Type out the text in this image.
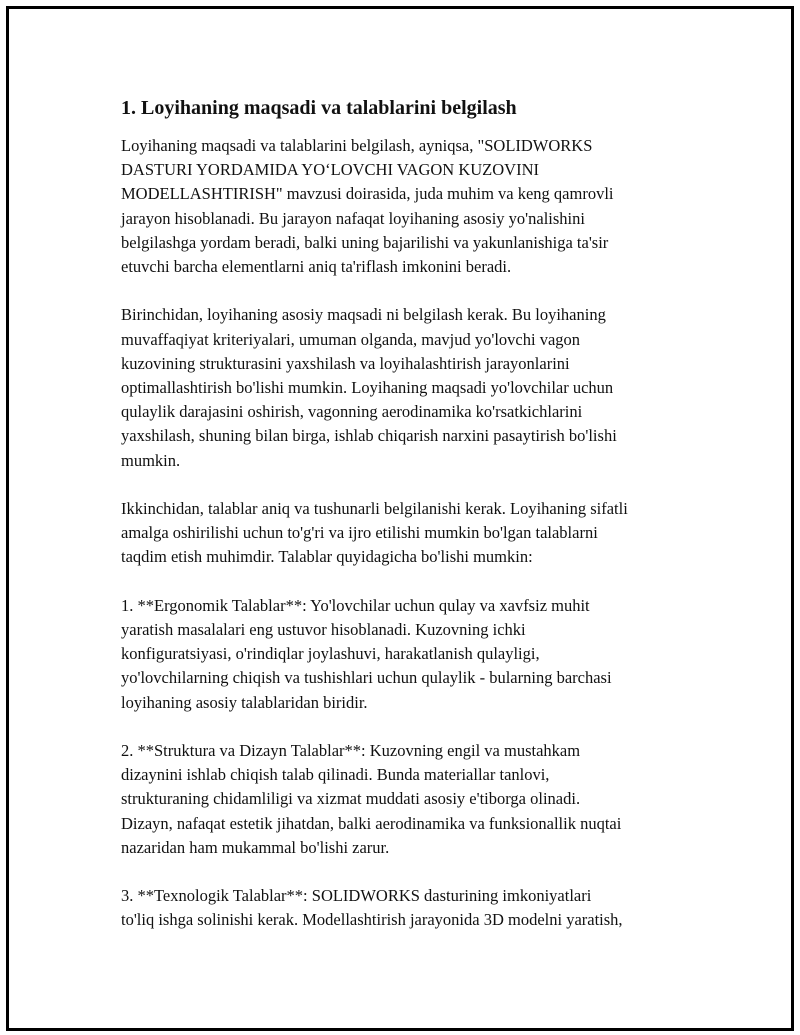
1. Loyihaning maqsadi va talablarini belgilash

Loyihaning maqsadi va talablarini belgilash, ayniqsa, "SOLIDWORKS
DASTURI YORDAMIDA YO‘LOVCHI VAGON KUZOVINI
MODELLASHTIRISH" mavzusi doirasida, juda muhim va keng qamrovli
jarayon hisoblanadi. Bu jarayon nafaqat loyihaning asosiy yo'nalishini
belgilashga yordam beradi, balki uning bajarilishi va yakunlanishiga ta'sir
etuvchi barcha elementlarni aniq ta'riflash imkonini beradi.

Birinchidan, loyihaning asosiy maqsadi ni belgilash kerak. Bu loyihaning
muvaffaqiyat kriteriyalari, umuman olganda, mavjud yo'lovchi vagon
kuzovining strukturasini yaxshilash va loyihalashtirish jarayonlarini
optimallashtirish bo'lishi mumkin. Loyihaning maqsadi yo'lovchilar uchun
qulaylik darajasini oshirish, vagonning aerodinamika ko'rsatkichlarini
yaxshilash, shuning bilan birga, ishlab chiqarish narxini pasaytirish bo'lishi
mumkin.

Ikkinchidan, talablar aniq va tushunarli belgilanishi kerak. Loyihaning sifatli
amalga oshirilishi uchun to'g'ri va ijro etilishi mumkin bo'lgan talablarni
taqdim etish muhimdir. Talablar quyidagicha bo'lishi mumkin:

1. **Ergonomik Talablar**: Yo'lovchilar uchun qulay va xavfsiz muhit
yaratish masalalari eng ustuvor hisoblanadi. Kuzovning ichki
konfiguratsiyasi, o'rindiqlar joylashuvi, harakatlanish qulayligi,
yo'lovchilarning chiqish va tushishlari uchun qulaylik - bularning barchasi
loyihaning asosiy talablaridan biridir.

2. **Struktura va Dizayn Talablar**: Kuzovning engil va mustahkam
dizaynini ishlab chiqish talab qilinadi. Bunda materiallar tanlovi,
strukturaning chidamliligi va xizmat muddati asosiy e'tiborga olinadi.
Dizayn, nafaqat estetik jihatdan, balki aerodinamika va funksionallik nuqtai
nazaridan ham mukammal bo'lishi zarur.

3. **Texnologik Talablar**: SOLIDWORKS dasturining imkoniyatlari
to'liq ishga solinishi kerak. Modellashtirish jarayonida 3D modelni yaratish,
